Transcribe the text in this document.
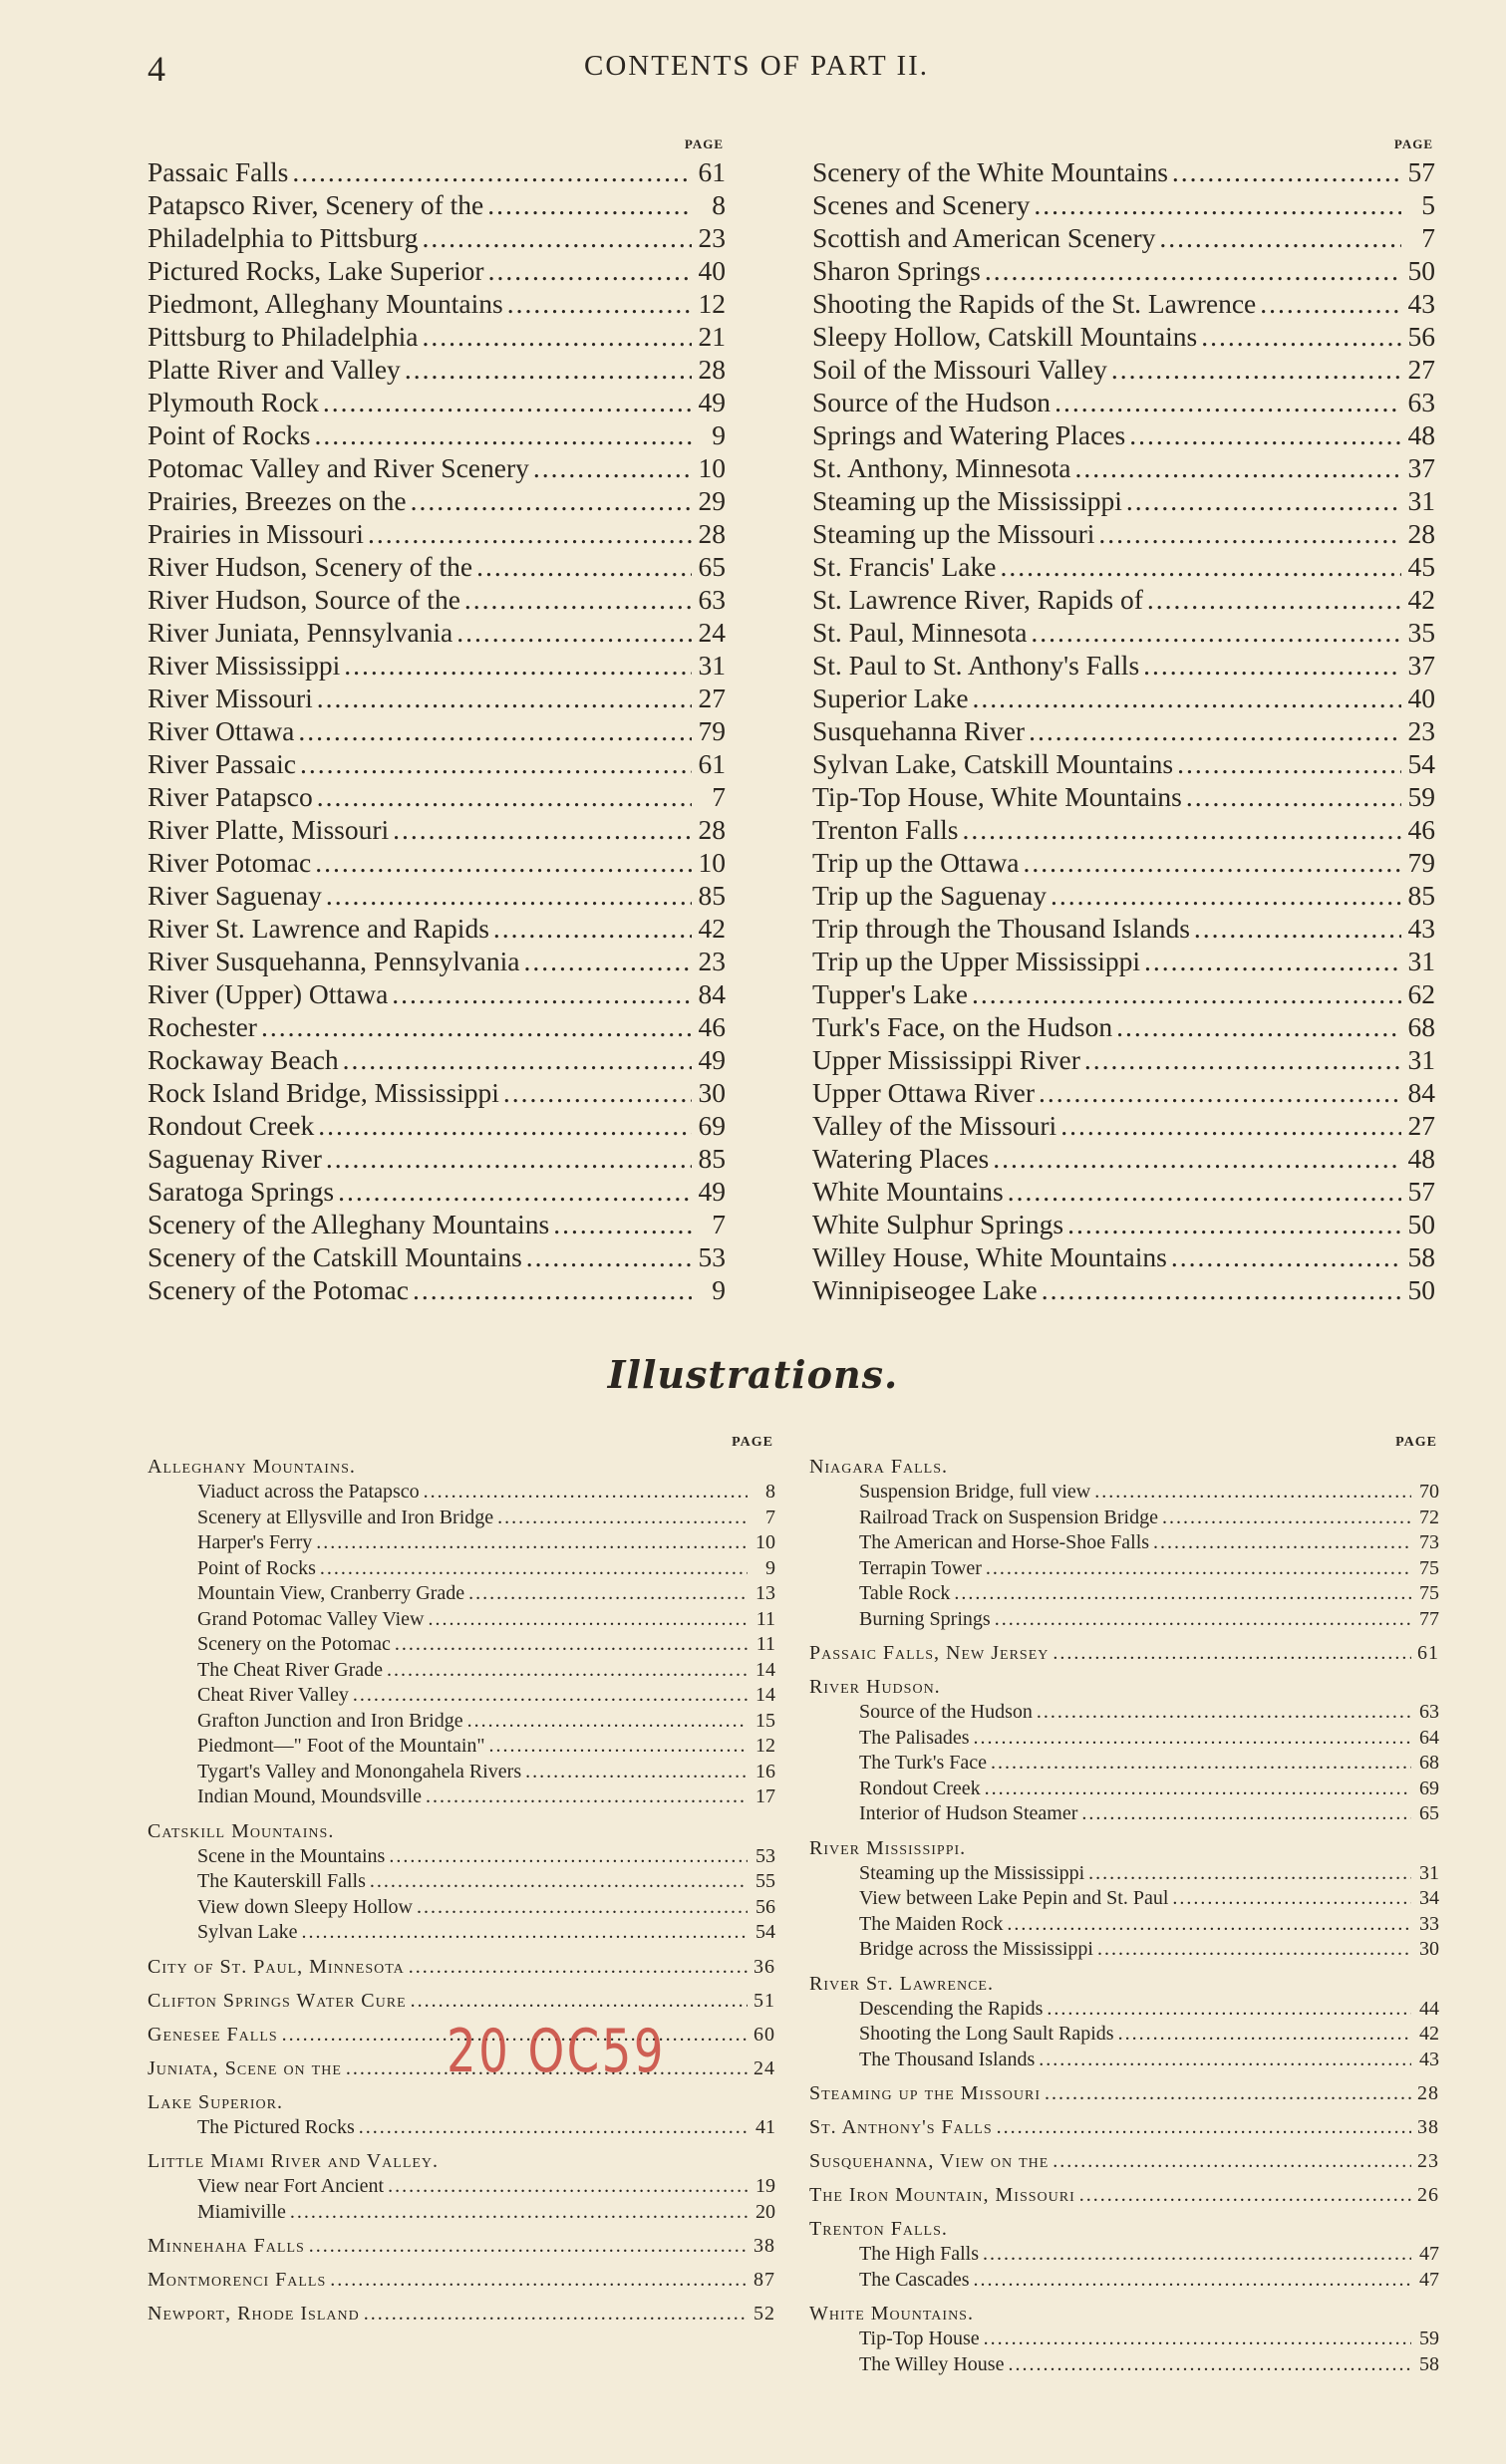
4	CONTENTS OF PART II.
PAGE
Passaic Falls .....	61
Patapsco River, Scenery of the .....	8
Philadelphia to Pittsburg .....	23
Pictured Rocks, Lake Superior .....	40
Piedmont, Alleghany Mountains .....	12
Pittsburg to Philadelphia .....	21
Platte River and Valley .....	28
Plymouth Rock .....	49
Point of Rocks .....	9
Potomac Valley and River Scenery .....	10
Prairies, Breezes on the .....	29
Prairies in Missouri .....	28
River Hudson, Scenery of the .....	65
River Hudson, Source of the .....	63
River Juniata, Pennsylvania .....	24
River Mississippi .....	31
River Missouri .....	27
River Ottawa .....	79
River Passaic .....	61
River Patapsco .....	7
River Platte, Missouri .....	28
River Potomac .....	10
River Saguenay .....	85
River St. Lawrence and Rapids .....	42
River Susquehanna, Pennsylvania .....	23
River (Upper) Ottawa .....	84
Rochester .....	46
Rockaway Beach .....	49
Rock Island Bridge, Mississippi .....	30
Rondout Creek .....	69
Saguenay River .....	85
Saratoga Springs .....	49
Scenery of the Alleghany Mountains .....	7
Scenery of the Catskill Mountains .....	53
Scenery of the Potomac .....	9
PAGE
Scenery of the White Mountains .....	57
Scenes and Scenery .....	5
Scottish and American Scenery .....	7
Sharon Springs .....	50
Shooting the Rapids of the St. Lawrence .....	43
Sleepy Hollow, Catskill Mountains .....	56
Soil of the Missouri Valley .....	27
Source of the Hudson .....	63
Springs and Watering Places .....	48
St. Anthony, Minnesota .....	37
Steaming up the Mississippi .....	31
Steaming up the Missouri .....	28
St. Francis' Lake .....	45
St. Lawrence River, Rapids of .....	42
St. Paul, Minnesota .....	35
St. Paul to St. Anthony's Falls .....	37
Superior Lake .....	40
Susquehanna River .....	23
Sylvan Lake, Catskill Mountains .....	54
Tip-Top House, White Mountains .....	59
Trenton Falls .....	46
Trip up the Ottawa .....	79
Trip up the Saguenay .....	85
Trip through the Thousand Islands .....	43
Trip up the Upper Mississippi .....	31
Tupper's Lake .....	62
Turk's Face, on the Hudson .....	68
Upper Mississippi River .....	31
Upper Ottawa River .....	84
Valley of the Missouri .....	27
Watering Places .....	48
White Mountains .....	57
White Sulphur Springs .....	50
Willey House, White Mountains .....	58
Winnipiseogee Lake .....	50
Illustrations.
PAGE
Alleghany Mountains.
Viaduct across the Patapsco .....	8
Scenery at Ellysville and Iron Bridge .....	7
Harper's Ferry .....	10
Point of Rocks .....	9
Mountain View, Cranberry Grade .....	13
Grand Potomac Valley View .....	11
Scenery on the Potomac .....	11
The Cheat River Grade .....	14
Cheat River Valley .....	14
Grafton Junction and Iron Bridge .....	15
Piedmont—" Foot of the Mountain" .....	12
Tygart's Valley and Monongahela Rivers .....	16
Indian Mound, Moundsville .....	17
Catskill Mountains.
Scene in the Mountains .....	53
The Kauterskill Falls .....	55
View down Sleepy Hollow .....	56
Sylvan Lake .....	54
City of St. Paul, Minnesota .....	36
Clifton Springs Water Cure .....	51
Genesee Falls .....	60
Juniata, Scene on the .....	24
Lake Superior.
The Pictured Rocks .....	41
Little Miami River and Valley.
View near Fort Ancient .....	19
Miamiville .....	20
Minnehaha Falls .....	38
Montmorenci Falls .....	87
Newport, Rhode Island .....	52
PAGE
Niagara Falls.
Suspension Bridge, full view .....	70
Railroad Track on Suspension Bridge .....	72
The American and Horse-Shoe Falls .....	73
Terrapin Tower .....	75
Table Rock .....	75
Burning Springs .....	77
Passaic Falls, New Jersey .....	61
River Hudson.
Source of the Hudson .....	63
The Palisades .....	64
The Turk's Face .....	68
Rondout Creek .....	69
Interior of Hudson Steamer .....	65
River Mississippi.
Steaming up the Mississippi .....	31
View between Lake Pepin and St. Paul .....	34
The Maiden Rock .....	33
Bridge across the Mississippi .....	30
River St. Lawrence.
Descending the Rapids .....	44
Shooting the Long Sault Rapids .....	42
The Thousand Islands .....	43
Steaming up the Missouri .....	28
St. Anthony's Falls .....	38
Susquehanna, View on the .....	23
The Iron Mountain, Missouri .....	26
Trenton Falls.
The High Falls .....	47
The Cascades .....	47
White Mountains.
Tip-Top House .....	59
The Willey House .....	58
20 OC59
